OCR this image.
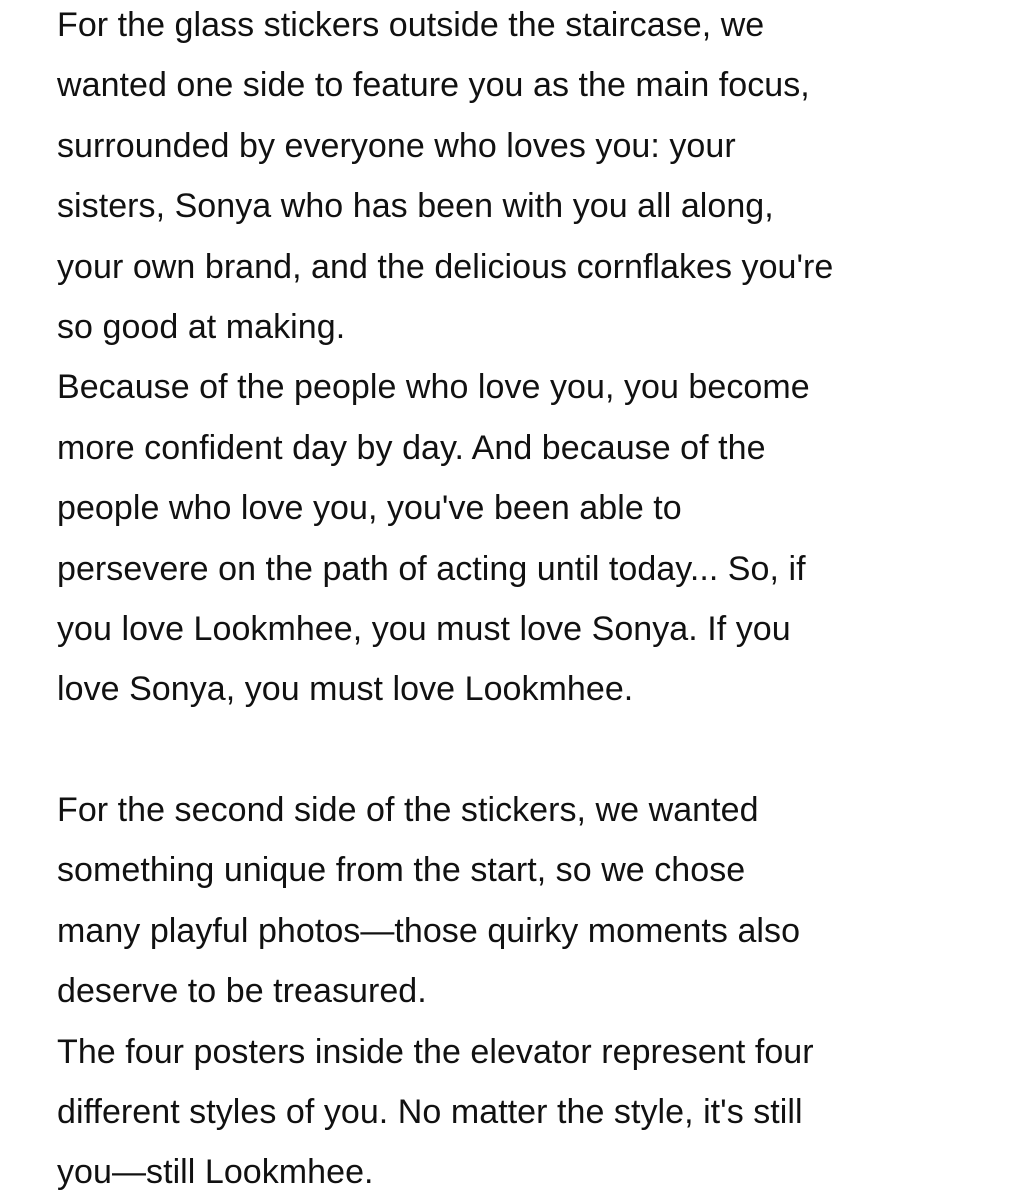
For the glass stickers outside the staircase, we
wanted one side to feature you as the main focus,
surrounded by everyone who loves you: your
sisters, Sonya who has been with you all along,
your own brand, and the delicious cornflakes you're
so good at making.
Because of the people who love you, you become
more confident day by day. And because of the
people who love you, you've been able to
persevere on the path of acting until today... So, if
you love Lookmhee, you must love Sonya. If you
love Sonya, you must love Lookmhee.
For the second side of the stickers, we wanted
something unique from the start, so we chose
many playful photos—those quirky moments also
deserve to be treasured.
The four posters inside the elevator represent four
different styles of you. No matter the style, it's still
you—still Lookmhee.
